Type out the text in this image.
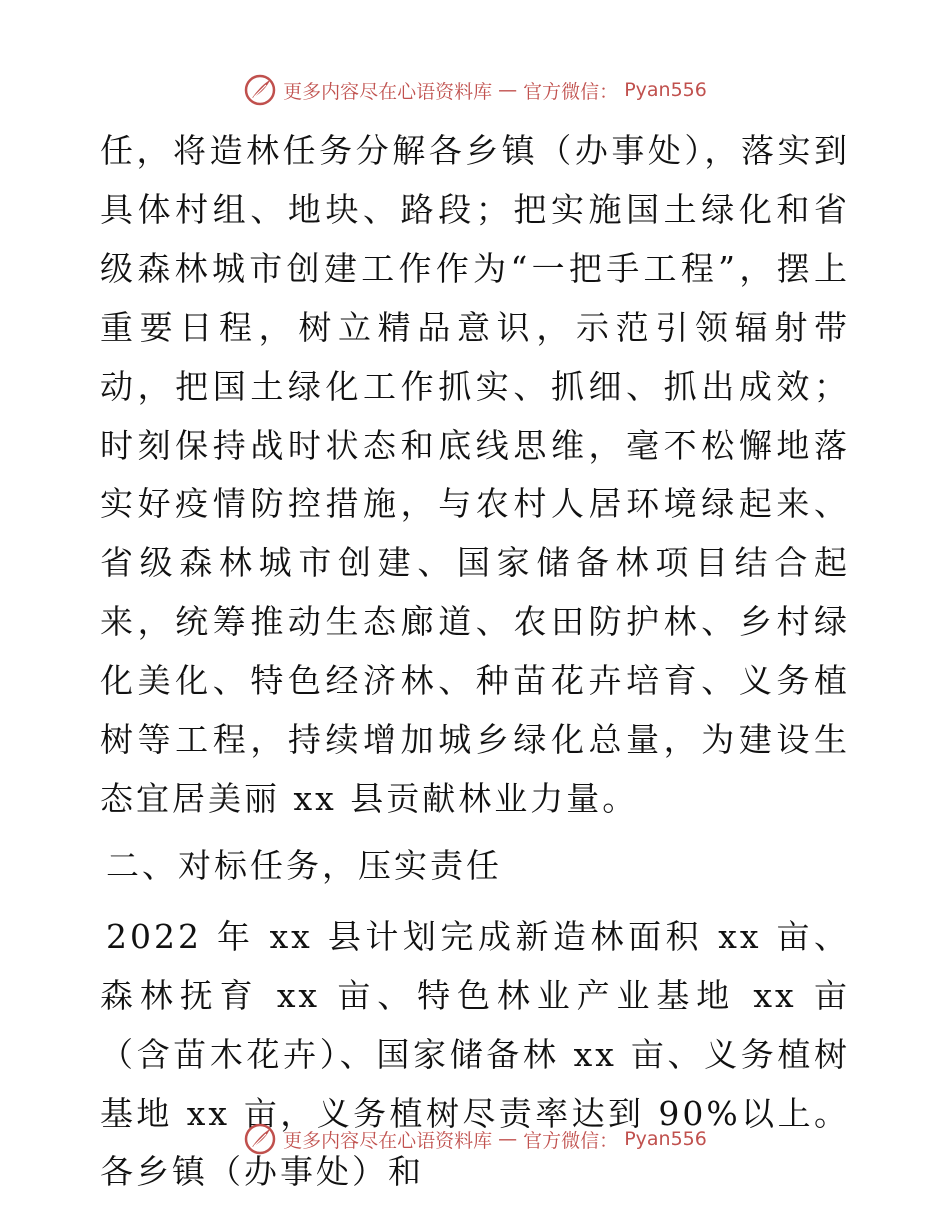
更多内容尽在心语资料库 — 官方微信： Pyan556

任，将造林任务分解各乡镇（办事处），落实到具体村组、地块、路段；把实施国土绿化和省级森林城市创建工作作为“一把手工程”，摆上重要日程，树立精品意识，示范引领辐射带动，把国土绿化工作抓实、抓细、抓出成效；时刻保持战时状态和底线思维，毫不松懈地落实好疫情防控措施，与农村人居环境绿起来、省级森林城市创建、国家储备林项目结合起来，统筹推动生态廊道、农田防护林、乡村绿化美化、特色经济林、种苗花卉培育、义务植树等工程，持续增加城乡绿化总量，为建设生态宜居美丽 xx 县贡献林业力量。

二、对标任务，压实责任

2022 年 xx 县计划完成新造林面积 xx 亩、森林抚育 xx 亩、特色林业产业基地 xx 亩（含苗木花卉）、国家储备林 xx 亩、义务植树基地 xx 亩，义务植树尽责率达到 90%以上。各乡镇（办事处）和

更多内容尽在心语资料库 — 官方微信： Pyan556
